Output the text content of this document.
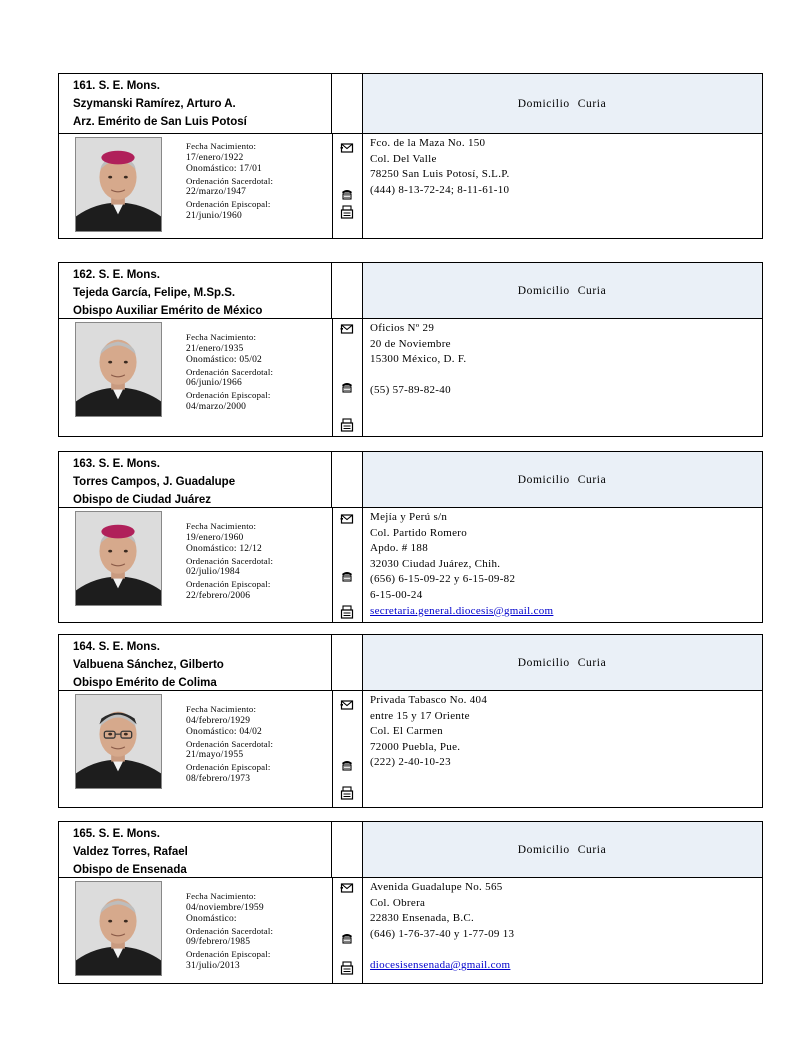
161. S. E. Mons.
Szymanski Ramírez, Arturo A.
Arz. Emérito de San Luis Potosí
Domicilio Curia
Fecha Nacimiento:
17/enero/1922
Onomástico: 17/01
Ordenación Sacerdotal:
22/marzo/1947
Ordenación Episcopal:
21/junio/1960
Fco. de la Maza No. 150
Col. Del Valle
78250 San Luis Potosí, S.L.P.
(444) 8-13-72-24; 8-11-61-10
162. S. E. Mons.
Tejeda García, Felipe, M.Sp.S.
Obispo Auxiliar Emérito de México
Domicilio Curia
Fecha Nacimiento:
21/enero/1935
Onomástico: 05/02
Ordenación Sacerdotal:
06/junio/1966
Ordenación Episcopal:
04/marzo/2000
Oficios Nº 29
20 de Noviembre
15300 México, D. F.

(55) 57-89-82-40
163. S. E. Mons.
Torres Campos, J. Guadalupe
Obispo de Ciudad Juárez
Domicilio Curia
Fecha Nacimiento:
19/enero/1960
Onomástico: 12/12
Ordenación Sacerdotal:
02/julio/1984
Ordenación Episcopal:
22/febrero/2006
Mejía y Perú s/n
Col. Partido Romero
Apdo. # 188
32030 Ciudad Juárez, Chih.
(656) 6-15-09-22 y 6-15-09-82
6-15-00-24
secretaria.general.diocesis@gmail.com
164. S. E. Mons.
Valbuena Sánchez, Gilberto
Obispo Emérito de Colima
Domicilio Curia
Fecha Nacimiento:
04/febrero/1929
Onomástico: 04/02
Ordenación Sacerdotal:
21/mayo/1955
Ordenación Episcopal:
08/febrero/1973
Privada Tabasco No. 404
entre 15 y 17 Oriente
Col. El Carmen
72000 Puebla, Pue.
(222) 2-40-10-23
165. S. E. Mons.
Valdez Torres, Rafael
Obispo de Ensenada
Domicilio Curia
Fecha Nacimiento:
04/noviembre/1959
Onomástico:
Ordenación Sacerdotal:
09/febrero/1985
Ordenación Episcopal:
31/julio/2013
Avenida Guadalupe No. 565
Col. Obrera
22830 Ensenada, B.C.
(646) 1-76-37-40 y 1-77-09 13

diocesisensenada@gmail.com
